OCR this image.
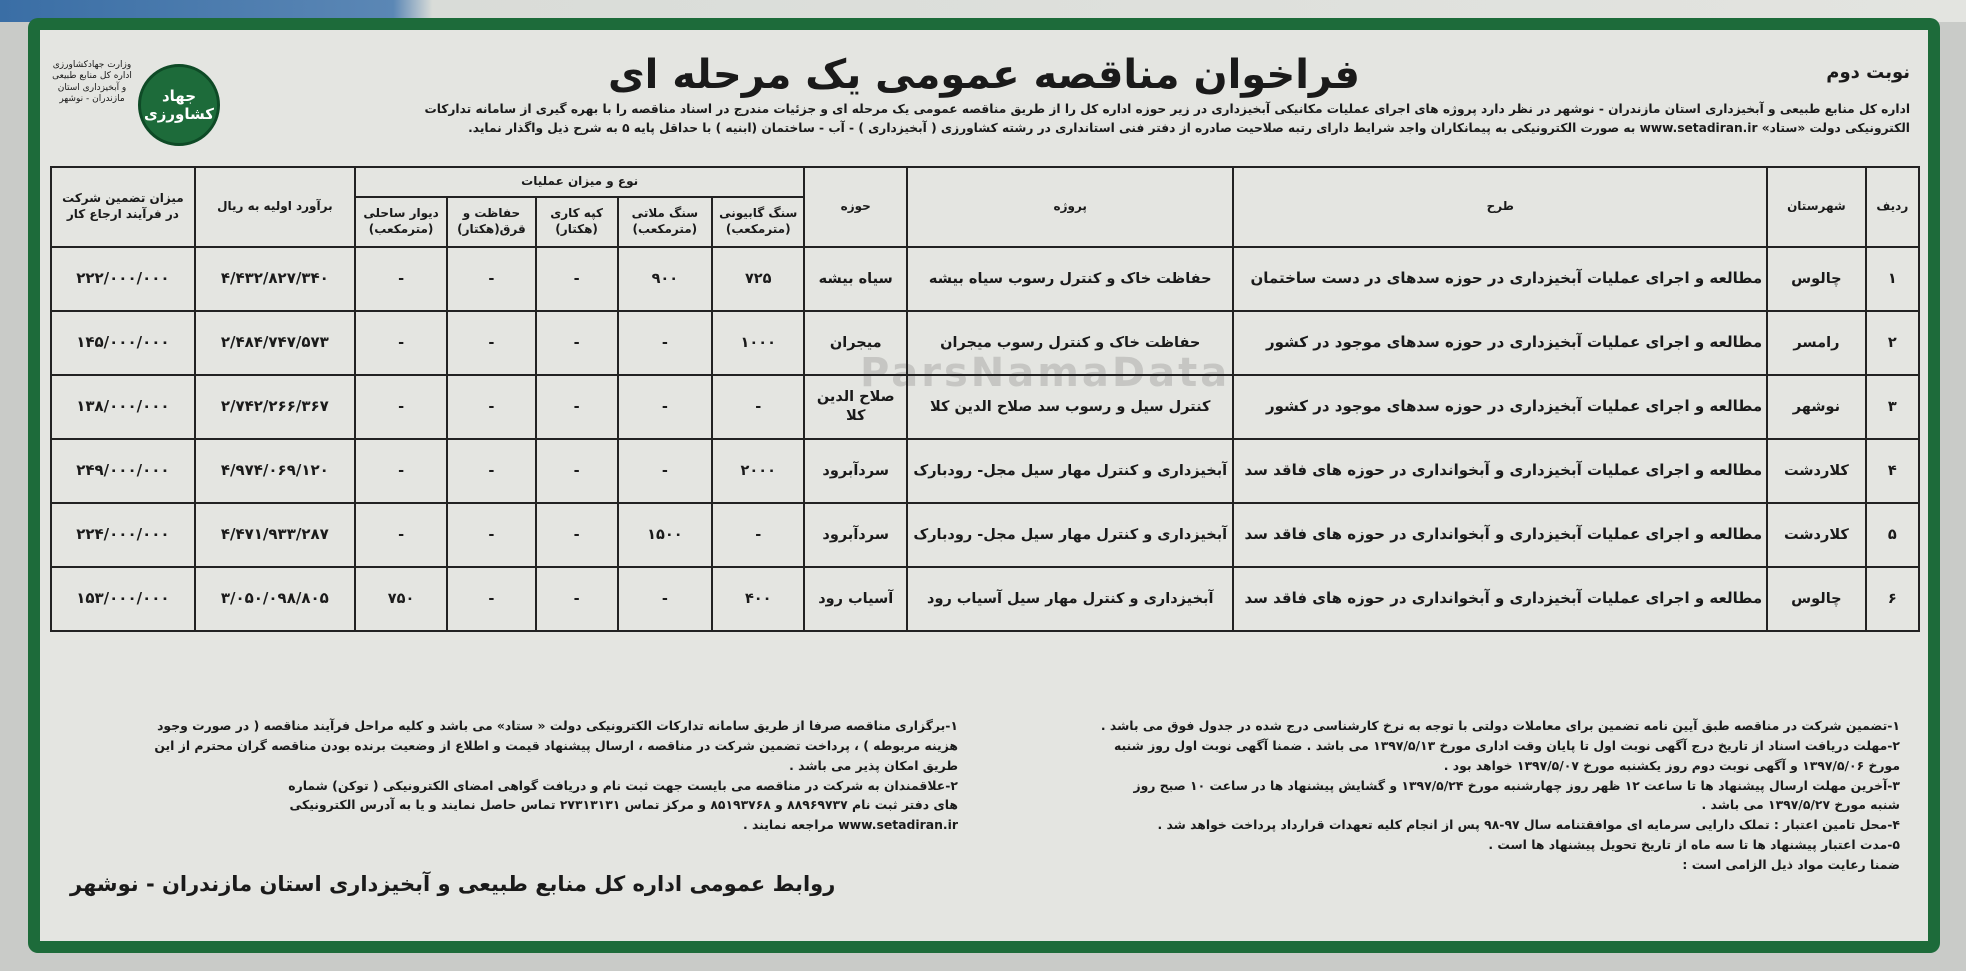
نوبت دوم
فراخوان مناقصه عمومی یک مرحله ای
جهاد کشاورزی
وزارت جهادکشاورزی اداره کل منابع طبیعی و آبخیزداری استان مازندران - نوشهر
اداره کل منابع طبیعی و آبخیزداری استان مازندران - نوشهر در نظر دارد پروژه های اجرای عملیات مکانیکی آبخیزداری در زیر حوزه اداره کل را از طریق مناقصه عمومی یک مرحله ای و جزئیات مندرج در اسناد مناقصه را با بهره گیری از سامانه تدارکات
الکترونیکی دولت «ستاد» www.setadiran.ir به صورت الکترونیکی به پیمانکاران واجد شرایط دارای رتبه صلاحیت صادره از دفتر فنی استانداری در رشته کشاورزی ( آبخیزداری ) - آب - ساختمان (ابنیه ) با حداقل پایه ۵ به شرح ذیل واگذار نماید.
ParsNamaData
ردیف	شهرستان	طرح	پروژه	حوزه	نوع و میزان عملیات					برآورد اولیه به ریال	میزان تضمین شرکت در فرآیند ارجاع کار
					سنگ گابیونی (مترمکعب)	سنگ ملاتی (مترمکعب)	کپه کاری (هکتار)	حفاظت و قرق(هکتار)	دیوار ساحلی (مترمکعب)		
۱	چالوس	مطالعه و اجرای عملیات آبخیزداری در حوزه سدهای در دست ساختمان	حفاظت خاک و کنترل رسوب سیاه بیشه	سیاه بیشه	۷۲۵	۹۰۰	-	-	-	۴/۴۳۲/۸۲۷/۳۴۰	۲۲۲/۰۰۰/۰۰۰
۲	رامسر	مطالعه و اجرای عملیات آبخیزداری در حوزه سدهای موجود در کشور	حفاظت خاک و کنترل رسوب میجران	میجران	۱۰۰۰	-	-	-	-	۲/۴۸۴/۷۴۷/۵۷۳	۱۴۵/۰۰۰/۰۰۰
۳	نوشهر	مطالعه و اجرای عملیات آبخیزداری در حوزه سدهای موجود در کشور	کنترل سیل و رسوب سد صلاح الدین کلا	صلاح الدین کلا	-	-	-	-	-	۲/۷۴۲/۲۶۶/۳۶۷	۱۳۸/۰۰۰/۰۰۰
۴	کلاردشت	مطالعه و اجرای عملیات آبخیزداری و آبخوانداری در حوزه های فاقد سد	آبخیزداری و کنترل مهار سیل مجل- رودبارک	سردآبرود	۲۰۰۰	-	-	-	-	۴/۹۷۴/۰۶۹/۱۲۰	۲۴۹/۰۰۰/۰۰۰
۵	کلاردشت	مطالعه و اجرای عملیات آبخیزداری و آبخوانداری در حوزه های فاقد سد	آبخیزداری و کنترل مهار سیل مجل- رودبارک	سردآبرود	-	۱۵۰۰	-	-	-	۴/۴۷۱/۹۳۳/۲۸۷	۲۲۴/۰۰۰/۰۰۰
۶	چالوس	مطالعه و اجرای عملیات آبخیزداری و آبخوانداری در حوزه های فاقد سد	آبخیزداری و کنترل مهار سیل آسیاب رود	آسیاب رود	۴۰۰	-	-	-	۷۵۰	۳/۰۵۰/۰۹۸/۸۰۵	۱۵۳/۰۰۰/۰۰۰

۱-تضمین شرکت در مناقصه طبق آیین نامه تضمین برای معاملات دولتی با توجه به نرخ کارشناسی درج شده در جدول فوق می باشد .

۲-مهلت دریافت اسناد از تاریخ درج آگهی نوبت اول تا پایان وقت اداری مورخ ۱۳۹۷/۵/۱۳ می باشد . ضمنا آگهی نوبت اول روز شنبه

مورخ ۱۳۹۷/۵/۰۶ و آگهی نوبت دوم روز یکشنبه مورخ ۱۳۹۷/۵/۰۷ خواهد بود .

۳-آخرین مهلت ارسال پیشنهاد ها تا ساعت ۱۲ ظهر روز چهارشنبه مورخ ۱۳۹۷/۵/۲۴ و گشایش پیشنهاد ها در ساعت ۱۰ صبح روز

شنبه مورخ ۱۳۹۷/۵/۲۷ می باشد .

۴-محل تامین اعتبار : تملک دارایی سرمایه ای موافقتنامه سال ۹۷-۹۸ پس از انجام کلیه تعهدات قرارداد پرداخت خواهد شد .

۵-مدت اعتبار پیشنهاد ها تا سه ماه از تاریخ تحویل پیشنهاد ها است .

ضمنا رعایت مواد ذیل الزامی است :

۱-برگزاری مناقصه صرفا از طریق سامانه تدارکات الکترونیکی دولت « ستاد» می باشد و کلیه مراحل فرآیند مناقصه ( در صورت وجود

هزینه مربوطه ) ، پرداخت تضمین شرکت در مناقصه ، ارسال پیشنهاد قیمت و اطلاع از وضعیت برنده بودن مناقصه گران محترم از این

طریق امکان پذیر می باشد .

۲-علاقمندان به شرکت در مناقصه می بایست جهت ثبت نام و دریافت گواهی امضای الکترونیکی ( توکن) شماره

های دفتر ثبت نام ۸۸۹۶۹۷۳۷ و ۸۵۱۹۳۷۶۸ و مرکز تماس ۲۷۳۱۳۱۳۱ تماس حاصل نمایند و یا به آدرس الکترونیکی

www.setadiran.ir مراجعه نمایند .

روابط عمومی اداره کل منابع طبیعی و آبخیزداری استان مازندران - نوشهر
